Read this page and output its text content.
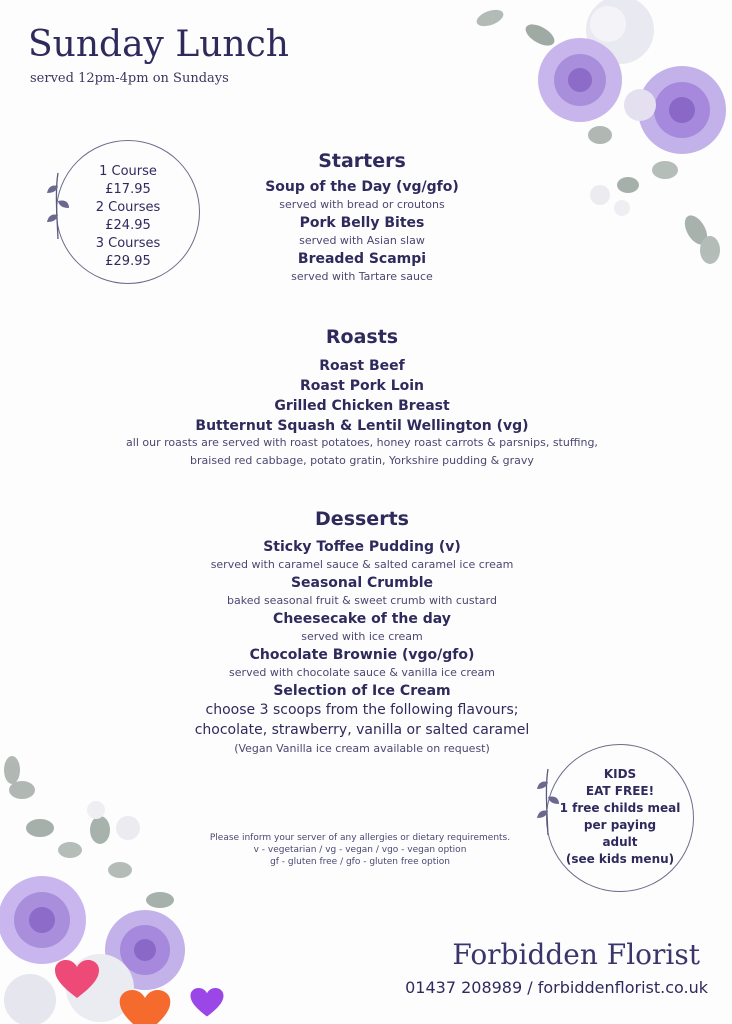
Sunday Lunch
served 12pm-4pm on Sundays
1 Course
£17.95
2 Courses
£24.95
3 Courses
£29.95
Starters
Soup of the Day (vg/gfo)
served with bread or croutons
Pork Belly Bites
served with Asian slaw
Breaded Scampi
served with Tartare sauce
Roasts
Roast Beef
Roast Pork Loin
Grilled Chicken Breast
Butternut Squash & Lentil Wellington (vg)
all our roasts are served with roast potatoes, honey roast carrots & parsnips, stuffing,
braised red cabbage, potato gratin, Yorkshire pudding & gravy
Desserts
Sticky Toffee Pudding (v)
served with caramel sauce & salted caramel ice cream
Seasonal Crumble
baked seasonal fruit & sweet crumb with custard
Cheesecake of the day
served with ice cream
Chocolate Brownie (vgo/gfo)
served with chocolate sauce & vanilla ice cream
Selection of Ice Cream
choose 3 scoops from the following flavours;
chocolate, strawberry, vanilla or salted caramel
(Vegan Vanilla ice cream available on request)
KIDS
EAT FREE!
1 free childs meal
per paying
adult
(see kids menu)
Please inform your server of any allergies or dietary requirements.
v - vegetarian / vg - vegan / vgo - vegan option
gf - gluten free / gfo - gluten free option
Forbidden Florist
01437 208989 / forbiddenflorist.co.uk
